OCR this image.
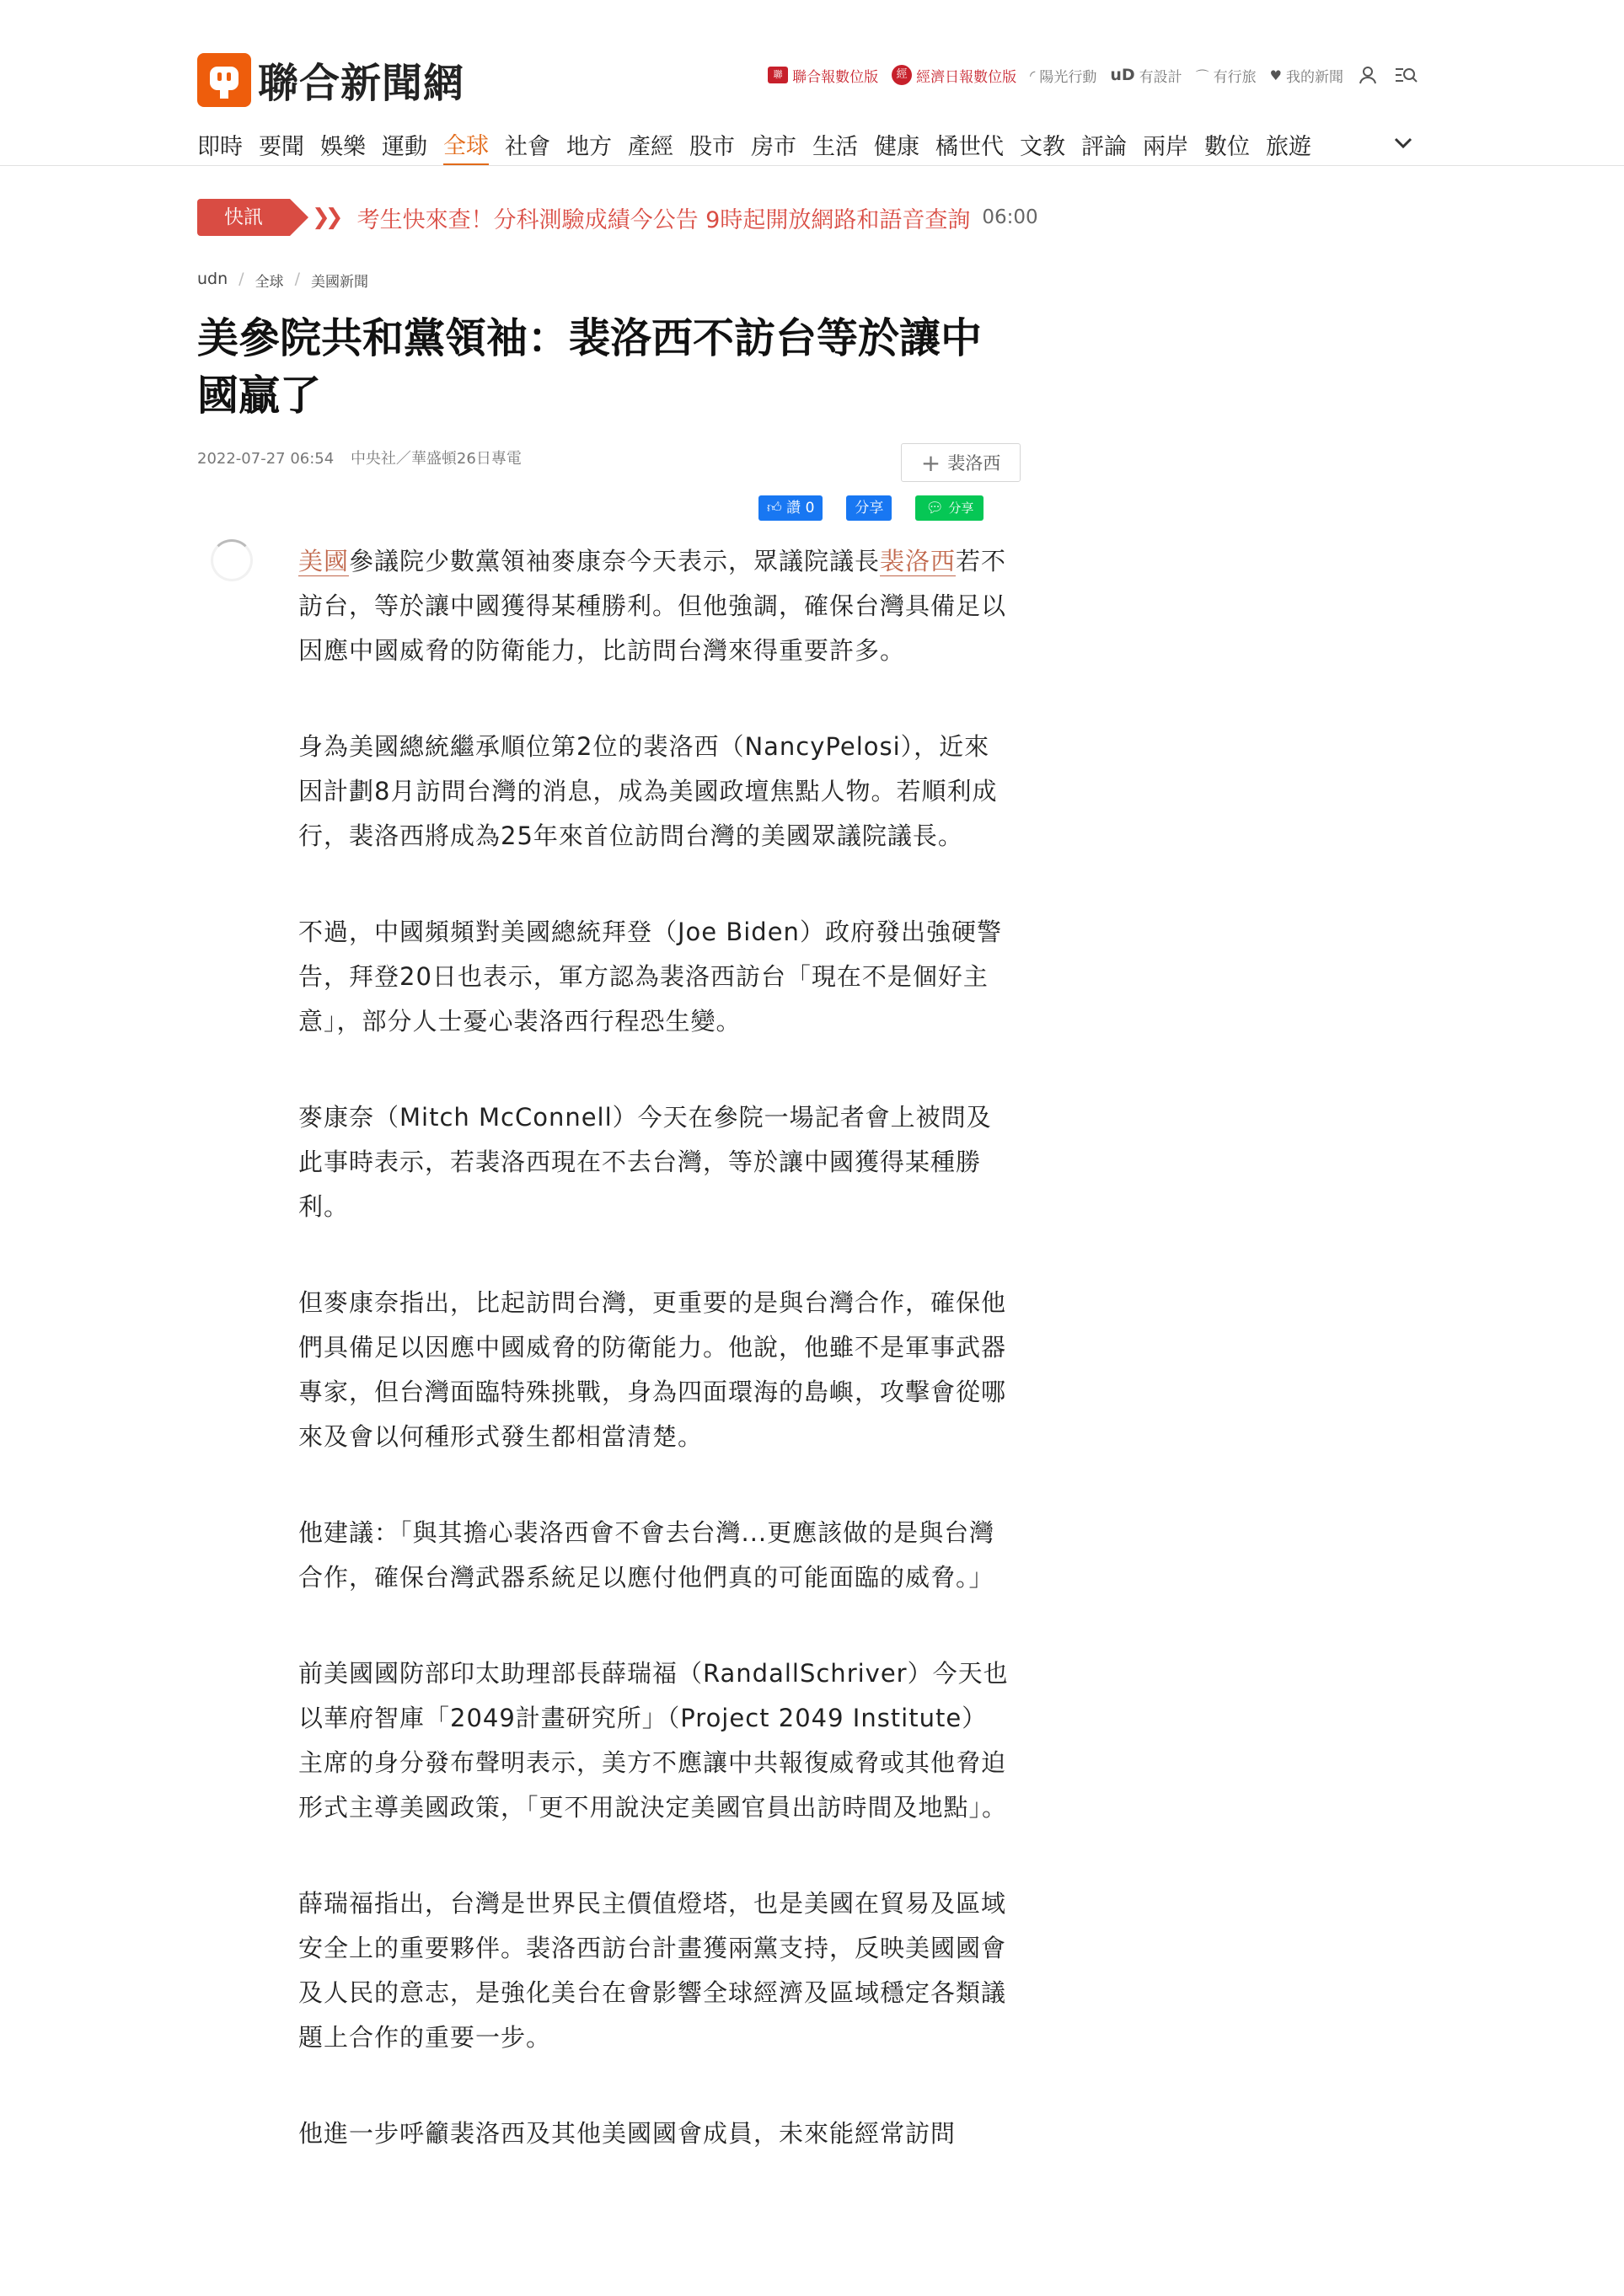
聯合新聞網	聯 聯合報數位版	經 經濟日報數位版 ◜ 陽光行動 uD 有設計 ⌒ 有行旅 ♥ 我的新聞
即時 要聞 娛樂 運動 全球 社會 地方 產經 股市 房市 生活 健康 橘世代 文教 評論 兩岸 數位 旅遊
快訊	❯❯ 考生快來查！分科測驗成績今公告 9時起開放網路和語音查詢 06:00
udn / 全球 / 美國新聞
美參院共和黨領袖：裴洛西不訪台等於讓中國贏了
2022-07-27 06:54 中央社／華盛頓26日專電	+ 裴洛西
👍︎ 讚 0	分享	💬︎ 分享

美國參議院少數黨領袖麥康奈今天表示，眾議院議長裴洛西若不訪台，等於讓中國獲得某種勝利。但他強調，確保台灣具備足以因應中國威脅的防衛能力，比訪問台灣來得重要許多。

身為美國總統繼承順位第2位的裴洛西（NancyPelosi），近來因計劃8月訪問台灣的消息，成為美國政壇焦點人物。若順利成行，裴洛西將成為25年來首位訪問台灣的美國眾議院議長。

不過，中國頻頻對美國總統拜登（Joe Biden）政府發出強硬警告，拜登20日也表示，軍方認為裴洛西訪台「現在不是個好主意」，部分人士憂心裴洛西行程恐生變。

麥康奈（Mitch McConnell）今天在參院一場記者會上被問及此事時表示，若裴洛西現在不去台灣，等於讓中國獲得某種勝利。

但麥康奈指出，比起訪問台灣，更重要的是與台灣合作，確保他們具備足以因應中國威脅的防衛能力。他說，他雖不是軍事武器專家，但台灣面臨特殊挑戰，身為四面環海的島嶼，攻擊會從哪來及會以何種形式發生都相當清楚。

他建議：「與其擔心裴洛西會不會去台灣...更應該做的是與台灣合作，確保台灣武器系統足以應付他們真的可能面臨的威脅。」

前美國國防部印太助理部長薛瑞福（RandallSchriver）今天也以華府智庫「2049計畫研究所」（Project 2049 Institute）主席的身分發布聲明表示，美方不應讓中共報復威脅或其他脅迫形式主導美國政策，「更不用說決定美國官員出訪時間及地點」。

薛瑞福指出，台灣是世界民主價值燈塔，也是美國在貿易及區域安全上的重要夥伴。裴洛西訪台計畫獲兩黨支持，反映美國國會及人民的意志，是強化美台在會影響全球經濟及區域穩定各類議題上合作的重要一步。

他進一步呼籲裴洛西及其他美國國會成員，未來能經常訪問
